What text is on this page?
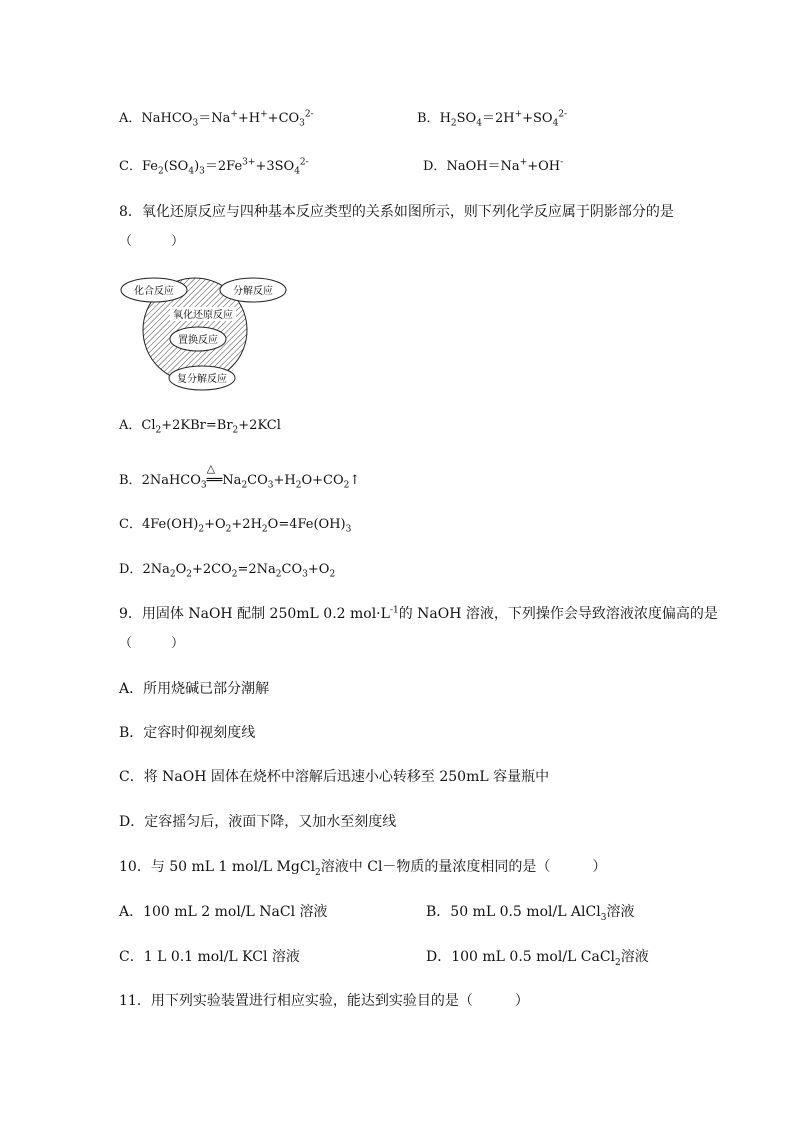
A．$NaHCO_3=Na^++H^++CO_3^{2-}$	B．$H_2SO_4=2H^++SO_4^{2-}$
C．$Fe_2(SO_4)_3=2Fe^{3+}+3SO_4^{2-}$	D．NaOH＝Na++OH-
8．氧化还原反应与四种基本反应类型的关系如图所示，则下列化学反应属于阴影部分的是
（　　　）
化合反应	分解反应
氧化还原反应
置换反应
复分解反应
A．$Cl_2+2KBr=Br_2+2KCl$
B．2NaHCO$_3$
△
$══Na_2CO_3+H_2O+CO_2↑$
C．$4Fe(OH)_2+O_2+2H_2O=4Fe(OH)_3$
D．$2Na_2O_2+2CO_2=2Na_2CO_3+O_2$
9．用固体 NaOH 配制 250mL 0.2 $mol\cdot L^{-1}$的 NaOH 溶液，下列操作会导致溶液浓度偏高的是
（　　　）
A．所用烧碱已部分潮解
B．定容时仰视刻度线
C．将 NaOH 固体在烧杯中溶解后迅速小心转移至 250mL 容量瓶中
D．定容摇匀后，液面下降，又加水至刻度线
10．与 50 mL 1 mol/L MgCl$_2$溶液中 Cl－物质的量浓度相同的是（　　　）
A．100 mL 2 mol/L NaCl 溶液	B．50 mL 0.5 mol/L AlCl$_3$溶液
C．1 L 0.1 mol/L KCl 溶液	D．100 mL 0.5 mol/L CaCl$_2$溶液
11．用下列实验装置进行相应实验，能达到实验目的是（　　　）
